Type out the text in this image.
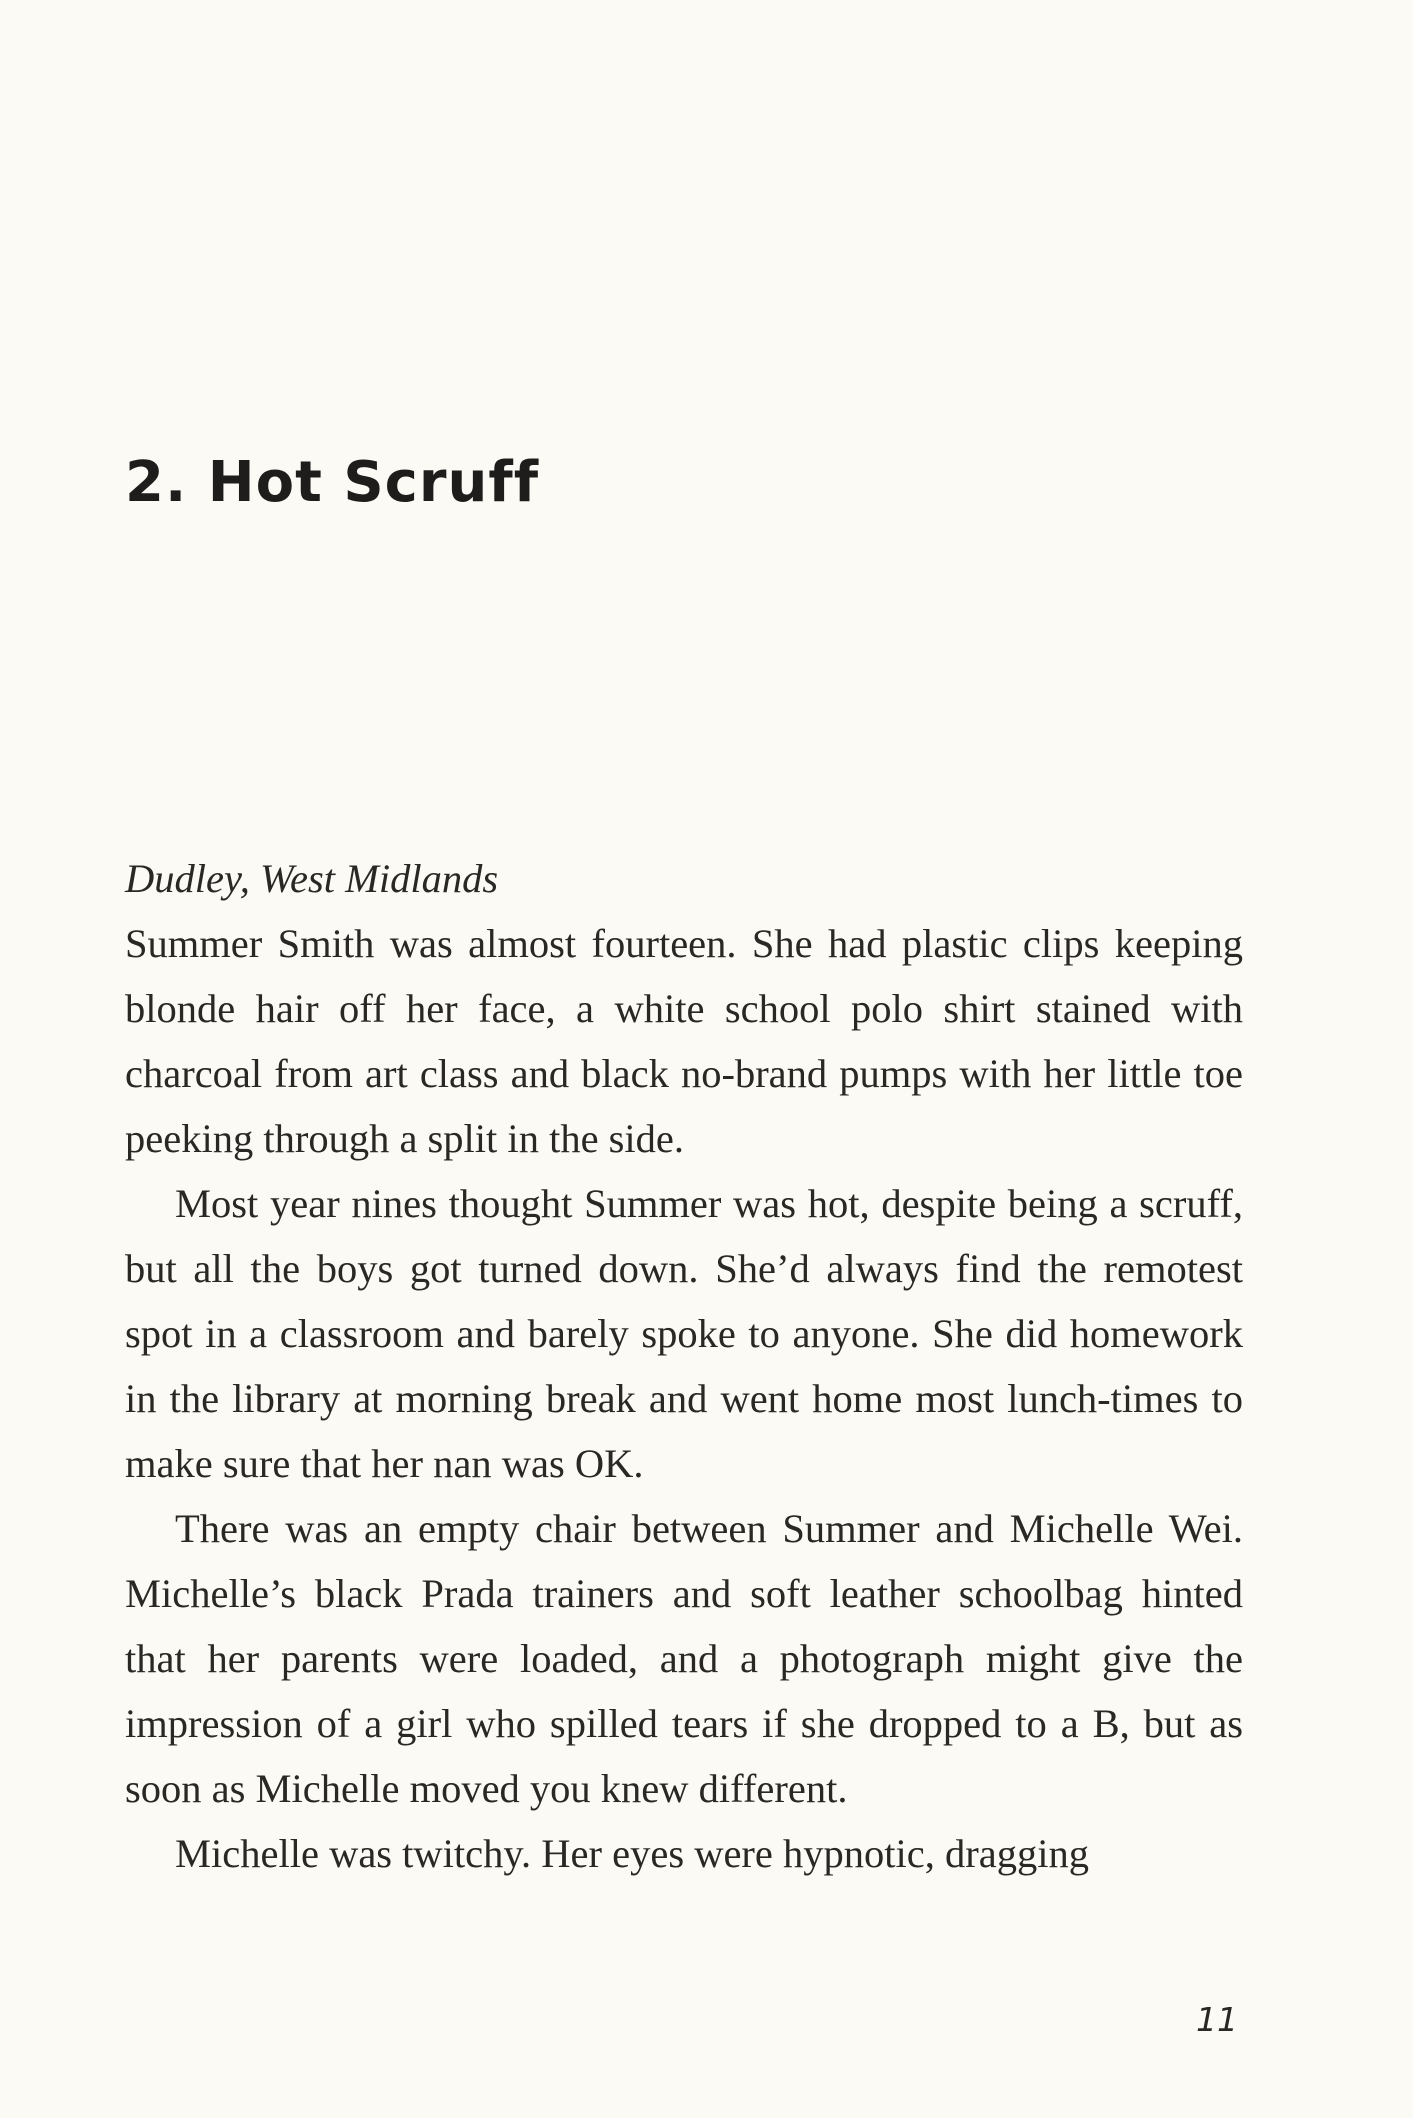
2. Hot Scruff

Dudley, West Midlands

Summer Smith was almost fourteen. She had plastic clips keeping blonde hair off her face, a white school polo shirt stained with charcoal from art class and black no-brand pumps with her little toe peeking through a split in the side.

Most year nines thought Summer was hot, despite being a scruff, but all the boys got turned down. She’d always find the remotest spot in a classroom and barely spoke to anyone. She did homework in the library at morning break and went home most lunch-times to make sure that her nan was OK.

There was an empty chair between Summer and Michelle Wei. Michelle’s black Prada trainers and soft leather schoolbag hinted that her parents were loaded, and a photograph might give the impression of a girl who spilled tears if she dropped to a B, but as soon as Michelle moved you knew different.

Michelle was twitchy. Her eyes were hypnotic, dragging

11
